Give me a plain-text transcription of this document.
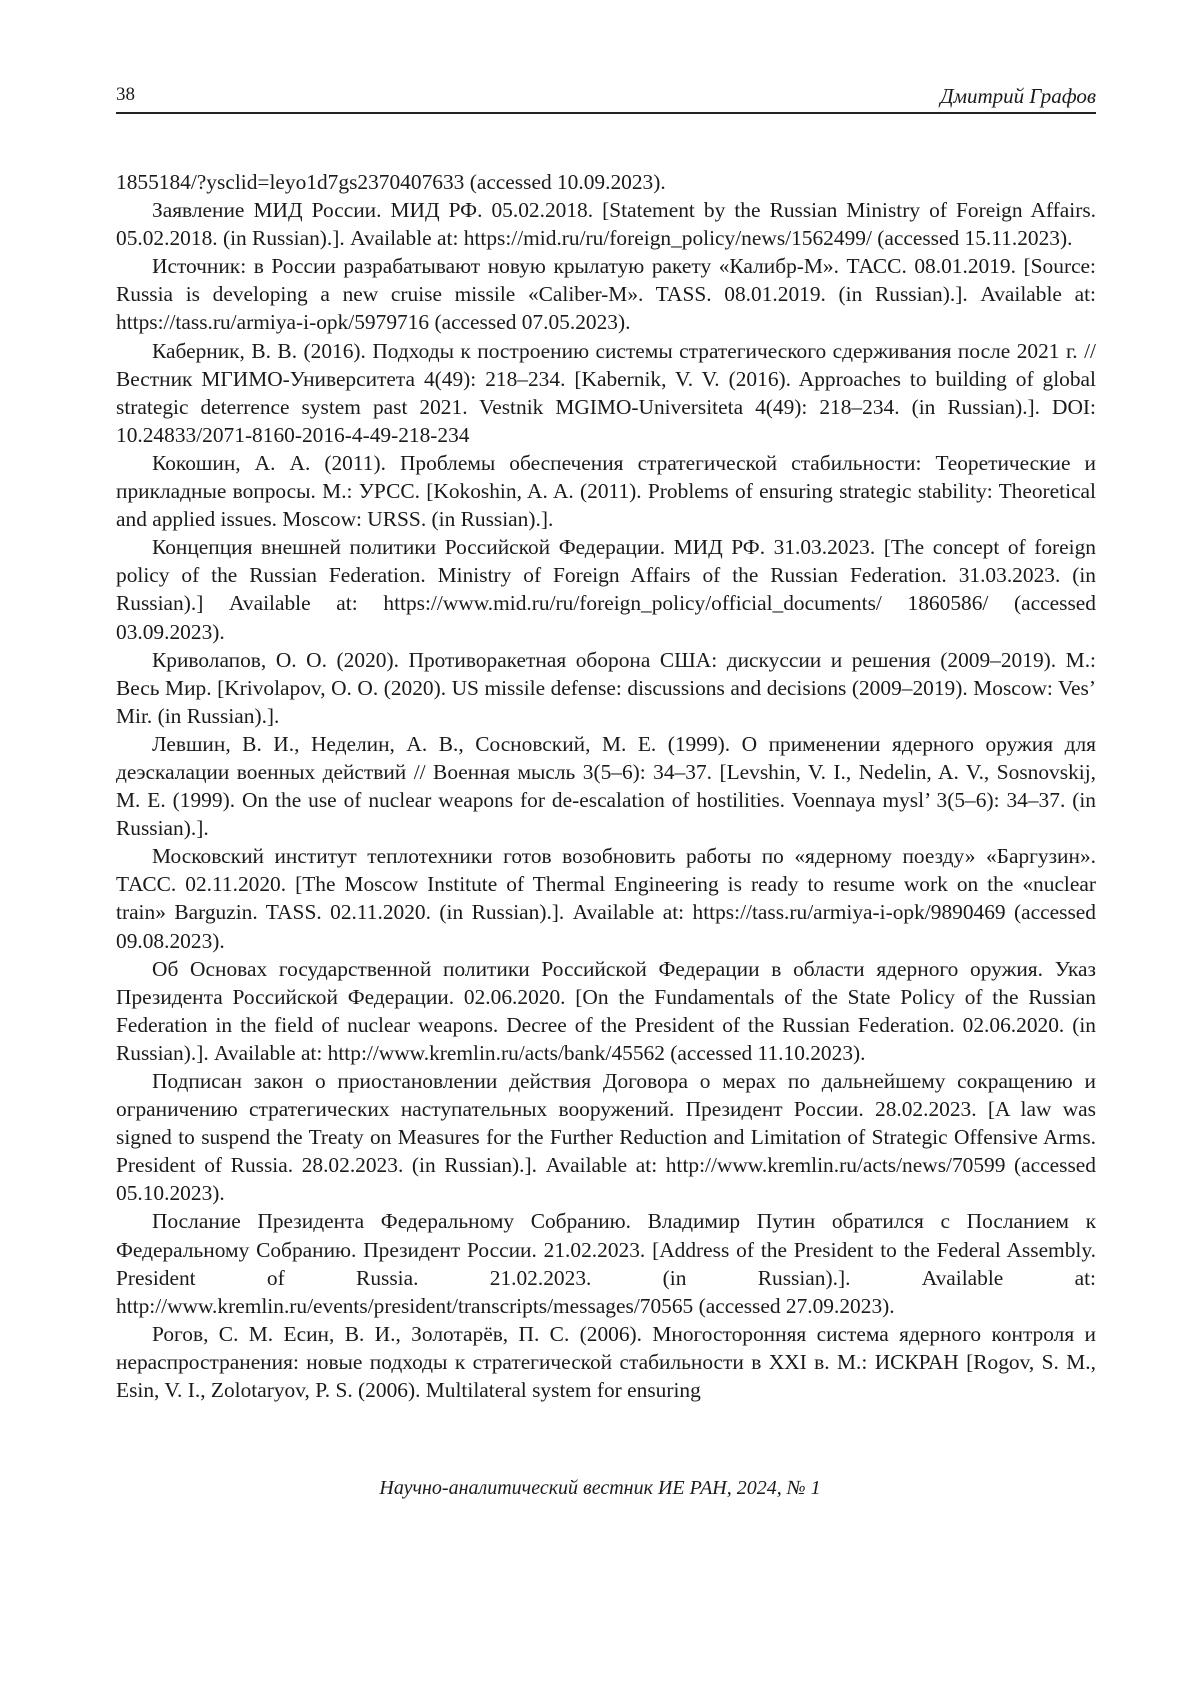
38	Дмитрий Графов

1855184/?ysclid=leyo1d7gs2370407633 (accessed 10.09.2023).

Заявление МИД России. МИД РФ. 05.02.2018. [Statement by the Russian Ministry of Foreign Affairs. 05.02.2018. (in Russian).]. Available at: https://mid.ru/ru/foreign_policy/news/1562499/ (accessed 15.11.2023).

Источник: в России разрабатывают новую крылатую ракету «Калибр-М». ТАСС. 08.01.2019. [Source: Russia is developing a new cruise missile «Caliber-M». TASS. 08.01.2019. (in Russian).]. Available at: https://tass.ru/armiya-i-opk/5979716 (accessed 07.05.2023).

Каберник, В. В. (2016). Подходы к построению системы стратегического сдерживания после 2021 г. // Вестник МГИМО-Университета 4(49): 218–234. [Kabernik, V. V. (2016). Approaches to building of global strategic deterrence system past 2021. Vestnik MGIMO-Universiteta 4(49): 218–234. (in Russian).]. DOI: 10.24833/2071-8160-2016-4-49-218-234

Кокошин, А. А. (2011). Проблемы обеспечения стратегической стабильности: Теоретические и прикладные вопросы. М.: УРСС. [Kokoshin, A. A. (2011). Problems of ensuring strategic stability: Theoretical and applied issues. Moscow: URSS. (in Russian).].

Концепция внешней политики Российской Федерации. МИД РФ. 31.03.2023. [The concept of foreign policy of the Russian Federation. Ministry of Foreign Affairs of the Russian Federation. 31.03.2023. (in Russian).] Available at: https://www.mid.ru/ru/foreign_policy/official_documents/ 1860586/ (accessed 03.09.2023).

Криволапов, О. О. (2020). Противоракетная оборона США: дискуссии и решения (2009–2019). М.: Весь Мир. [Krivolapov, O. O. (2020). US missile defense: discussions and decisions (2009–2019). Moscow: Ves’ Mir. (in Russian).].

Левшин, В. И., Неделин, А. В., Сосновский, М. Е. (1999). О применении ядерного оружия для деэскалации военных действий // Военная мысль 3(5–6): 34–37. [Levshin, V. I., Nedelin, A. V., Sosnovskij, M. E. (1999). On the use of nuclear weapons for de-escalation of hostilities. Voennaya mysl’ 3(5–6): 34–37. (in Russian).].

Московский институт теплотехники готов возобновить работы по «ядерному поезду» «Баргузин». ТАСС. 02.11.2020. [The Moscow Institute of Thermal Engineering is ready to resume work on the «nuclear train» Barguzin. TASS. 02.11.2020. (in Russian).]. Available at: https://tass.ru/armiya-i-opk/9890469 (accessed 09.08.2023).

Об Основах государственной политики Российской Федерации в области ядерного оружия. Указ Президента Российской Федерации. 02.06.2020. [On the Fundamentals of the State Policy of the Russian Federation in the field of nuclear weapons. Decree of the President of the Russian Federation. 02.06.2020. (in Russian).]. Available at: http://www.kremlin.ru/acts/bank/45562 (accessed 11.10.2023).

Подписан закон о приостановлении действия Договора о мерах по дальнейшему сокращению и ограничению стратегических наступательных вооружений. Президент России. 28.02.2023. [A law was signed to suspend the Treaty on Measures for the Further Reduction and Limitation of Strategic Offensive Arms. President of Russia. 28.02.2023. (in Russian).]. Available at: http://www.kremlin.ru/acts/news/70599 (accessed 05.10.2023).

Послание Президента Федеральному Собранию. Владимир Путин обратился с Посланием к Федеральному Собранию. Президент России. 21.02.2023. [Address of the President to the Federal Assembly. President of Russia. 21.02.2023. (in Russian).]. Available at: http://www.kremlin.ru/events/president/transcripts/messages/70565 (accessed 27.09.2023).

Рогов, С. М. Есин, В. И., Золотарёв, П. С. (2006). Многосторонняя система ядерного контроля и нераспространения: новые подходы к стратегической стабильности в XXI в. М.: ИСКРАН [Rogov, S. M., Esin, V. I., Zolotaryov, P. S. (2006). Multilateral system for ensuring

Научно-аналитический вестник ИЕ РАН, 2024, № 1
